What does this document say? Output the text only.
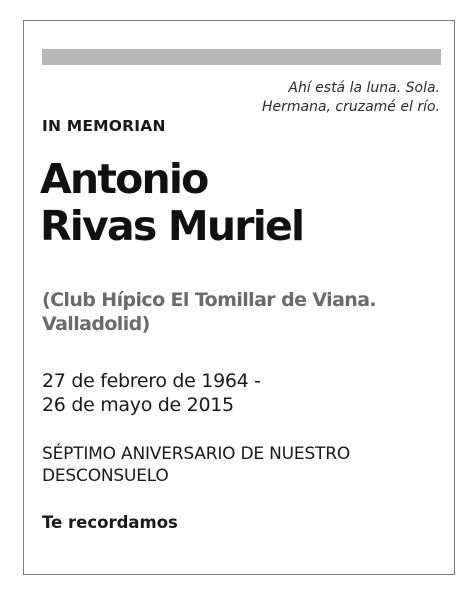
Ahí está la luna. Sola.
Hermana, cruzamé el río.
IN MEMORIAN
Antonio
Rivas Muriel
(Club Hípico El Tomillar de Viana.
Valladolid)
27 de febrero de 1964 -
26 de mayo de 2015
SÉPTIMO ANIVERSARIO DE NUESTRO
DESCONSUELO
Te recordamos
